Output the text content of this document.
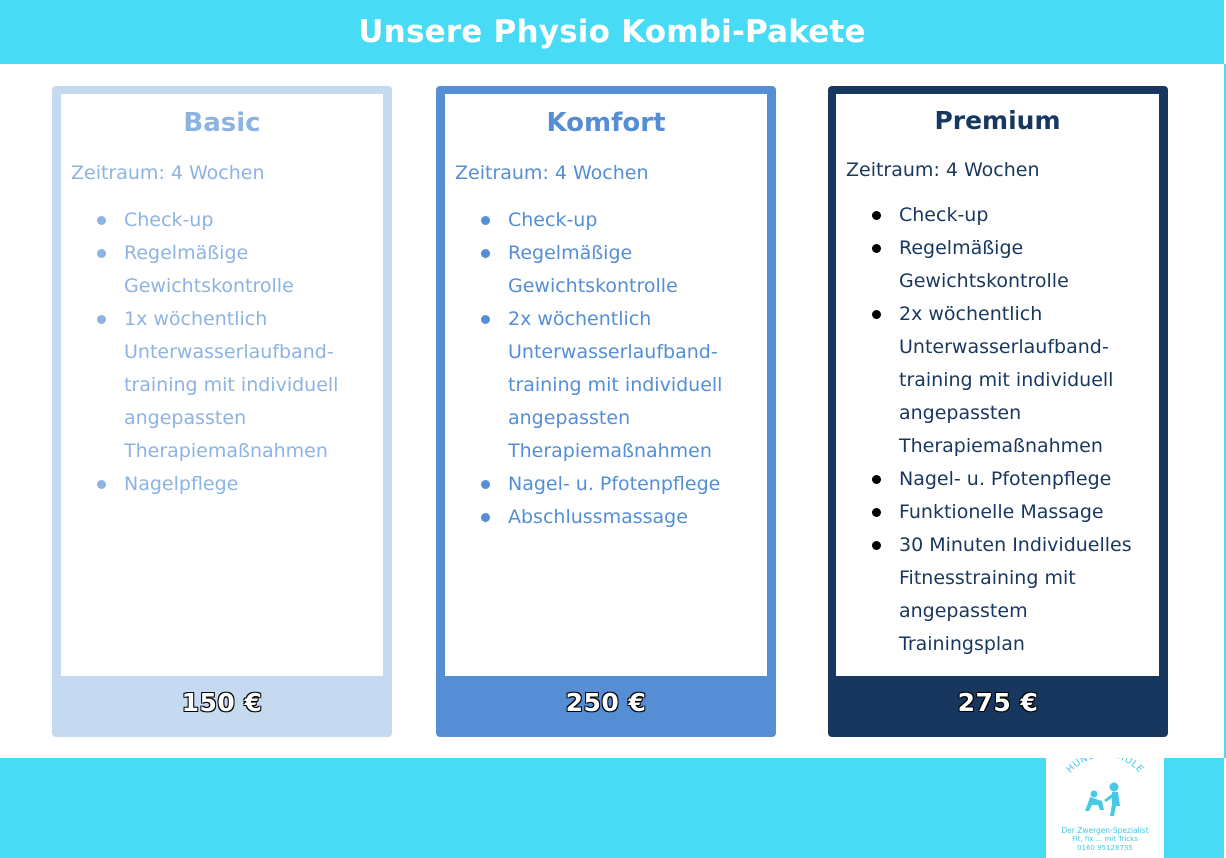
Unsere Physio Kombi-Pakete
Basic
Zeitraum: 4 Wochen
Check-up
Regelmäßige Gewichtskontrolle
1x wöchentlich Unterwasserlaufband-training mit individuell angepassten Therapiemaßnahmen
Nagelpflege
150 €
Komfort
Zeitraum: 4 Wochen
Check-up
Regelmäßige Gewichtskontrolle
2x wöchentlich Unterwasserlaufband-training mit individuell angepassten Therapiemaßnahmen
Nagel- u. Pfotenpflege
Abschlussmassage
250 €
Premium
Zeitraum: 4 Wochen
Check-up
Regelmäßige Gewichtskontrolle
2x wöchentlich Unterwasserlaufband-training mit individuell angepassten Therapiemaßnahmen
Nagel- u. Pfotenpflege
Funktionelle Massage
30 Minuten Individuelles Fitnesstraining mit angepasstem Trainingsplan
275 €
HUN ULE
Der Zwergen-Spezialist
Fit, fix ... mit Tricks
0160 95128735
